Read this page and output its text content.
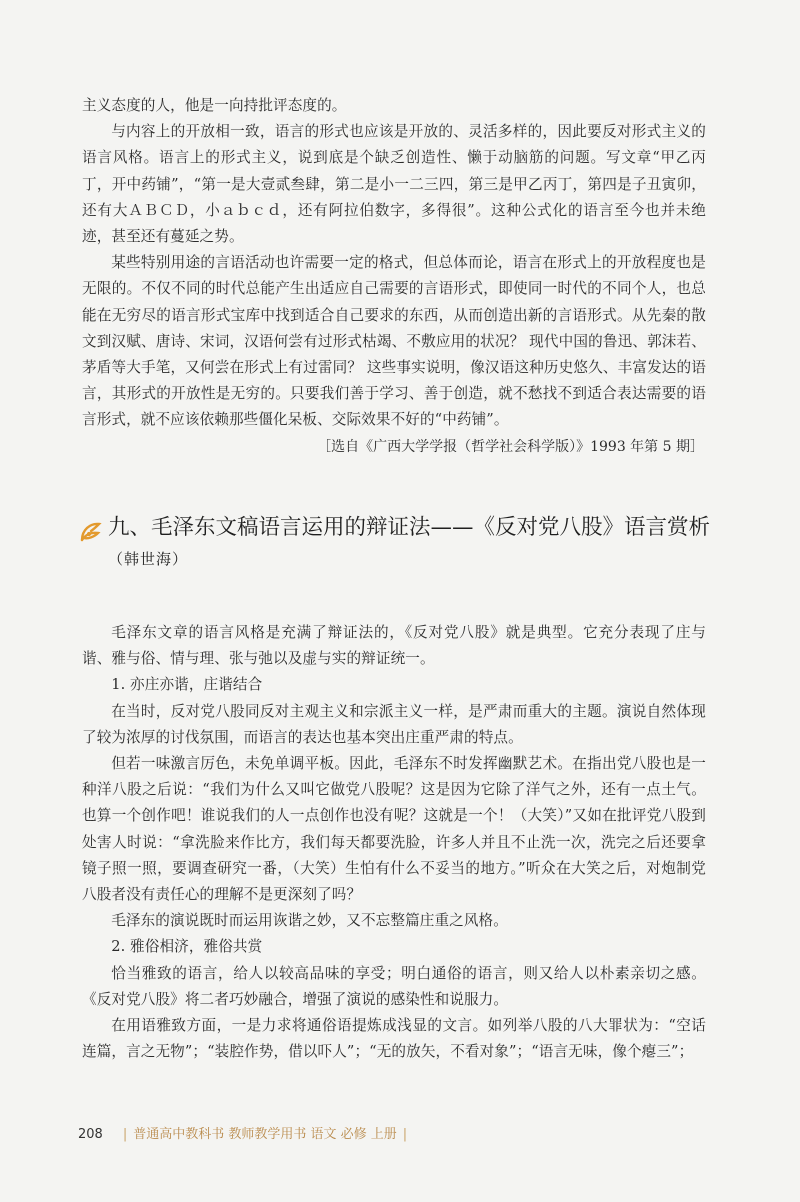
主义态度的人，他是一向持批评态度的。

与内容上的开放相一致，语言的形式也应该是开放的、灵活多样的，因此要反对形式主义的语言风格。语言上的形式主义，说到底是个缺乏创造性、懒于动脑筋的问题。写文章“甲乙丙丁，开中药铺”，“第一是大壹贰叁肆，第二是小一二三四，第三是甲乙丙丁，第四是子丑寅卯，还有大ＡＢＣＤ，小ａｂｃｄ，还有阿拉伯数字，多得很”。这种公式化的语言至今也并未绝迹，甚至还有蔓延之势。

某些特别用途的言语活动也许需要一定的格式，但总体而论，语言在形式上的开放程度也是无限的。不仅不同的时代总能产生出适应自己需要的言语形式，即使同一时代的不同个人，也总能在无穷尽的语言形式宝库中找到适合自己要求的东西，从而创造出新的言语形式。从先秦的散文到汉赋、唐诗、宋词，汉语何尝有过形式枯竭、不敷应用的状况？ 现代中国的鲁迅、郭沫若、茅盾等大手笔，又何尝在形式上有过雷同？ 这些事实说明，像汉语这种历史悠久、丰富发达的语言，其形式的开放性是无穷的。只要我们善于学习、善于创造，就不愁找不到适合表达需要的语言形式，就不应该依赖那些僵化呆板、交际效果不好的“中药铺”。

［选自《广西大学学报（哲学社会科学版）》1993 年第 5 期］
九、毛泽东文稿语言运用的辩证法——《反对党八股》语言赏析（韩世海）

毛泽东文章的语言风格是充满了辩证法的，《反对党八股》就是典型。它充分表现了庄与谐、雅与俗、情与理、张与弛以及虚与实的辩证统一。

1. 亦庄亦谐，庄谐结合

在当时，反对党八股同反对主观主义和宗派主义一样，是严肃而重大的主题。演说自然体现了较为浓厚的讨伐氛围，而语言的表达也基本突出庄重严肃的特点。

但若一味激言厉色，未免单调平板。因此，毛泽东不时发挥幽默艺术。在指出党八股也是一种洋八股之后说：“我们为什么又叫它做党八股呢？这是因为它除了洋气之外，还有一点土气。也算一个创作吧！谁说我们的人一点创作也没有呢？这就是一个！（大笑）”又如在批评党八股到处害人时说：“拿洗脸来作比方，我们每天都要洗脸，许多人并且不止洗一次，洗完之后还要拿镜子照一照，要调查研究一番，（大笑）生怕有什么不妥当的地方。”听众在大笑之后，对炮制党八股者没有责任心的理解不是更深刻了吗？

毛泽东的演说既时而运用诙谐之妙，又不忘整篇庄重之风格。

2. 雅俗相济，雅俗共赏

恰当雅致的语言，给人以较高品味的享受；明白通俗的语言，则又给人以朴素亲切之感。《反对党八股》将二者巧妙融合，增强了演说的感染性和说服力。

在用语雅致方面，一是力求将通俗语提炼成浅显的文言。如列举八股的八大罪状为：“空话连篇，言之无物”；“装腔作势，借以吓人”；“无的放矢，不看对象”；“语言无味，像个瘪三”；

208 | 普通高中教科书 教师教学用书 语文 必修 上册 |
